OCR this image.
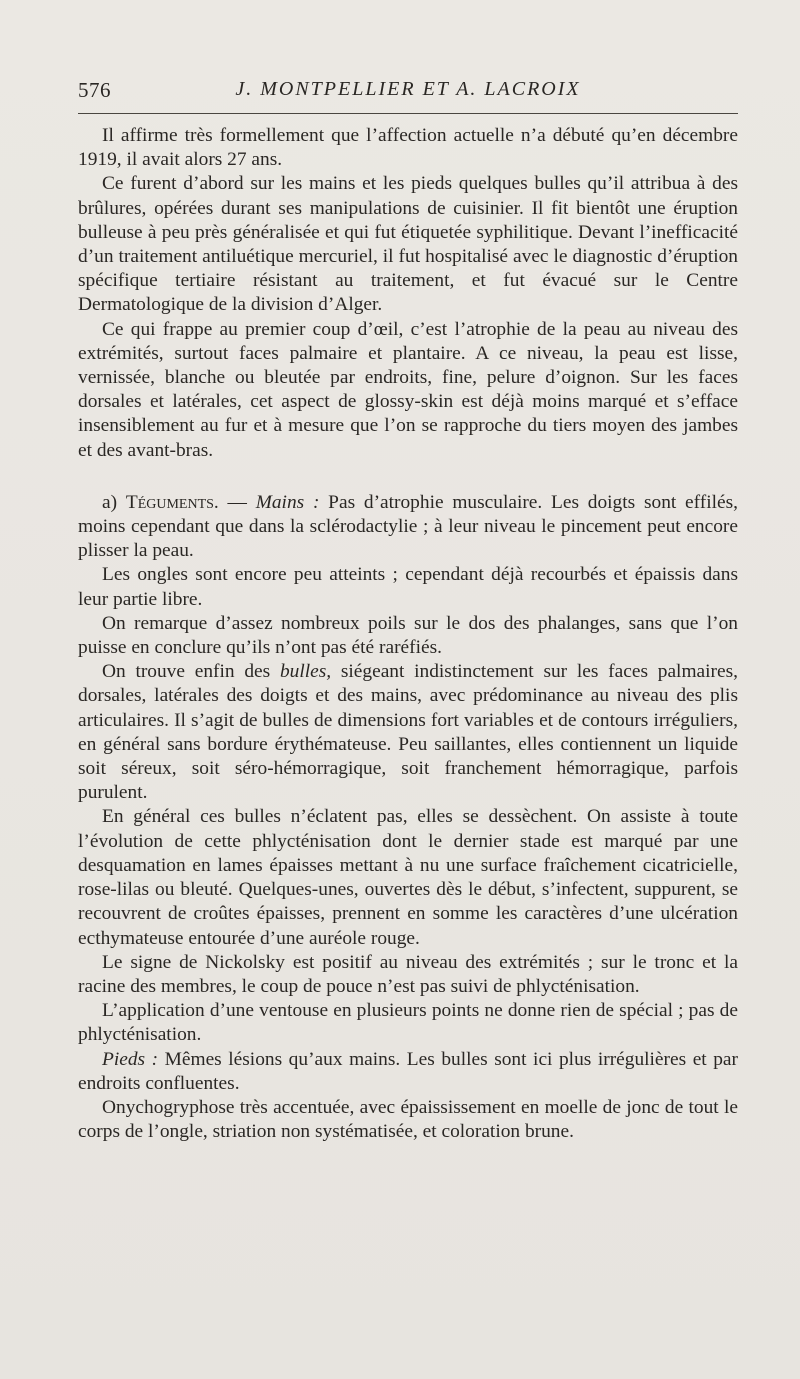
576	J. MONTPELLIER ET A. LACROIX

Il affirme très formellement que l’affection actuelle n’a débuté qu’en décembre 1919, il avait alors 27 ans.

Ce furent d’abord sur les mains et les pieds quelques bulles qu’il attribua à des brûlures, opérées durant ses manipulations de cuisinier. Il fit bientôt une éruption bulleuse à peu près généralisée et qui fut étiquetée syphilitique. Devant l’inefficacité d’un traitement antiluétique mercuriel, il fut hospitalisé avec le diagnostic d’éruption spécifique tertiaire résistant au traitement, et fut évacué sur le Centre Dermatologique de la division d’Alger.

Ce qui frappe au premier coup d’œil, c’est l’atrophie de la peau au niveau des extrémités, surtout faces palmaire et plantaire. A ce niveau, la peau est lisse, vernissée, blanche ou bleutée par endroits, fine, pelure d’oignon. Sur les faces dorsales et latérales, cet aspect de glossy-skin est déjà moins marqué et s’efface insensiblement au fur et à mesure que l’on se rapproche du tiers moyen des jambes et des avant-bras.

a) Téguments. — Mains : Pas d’atrophie musculaire. Les doigts sont effilés, moins cependant que dans la sclérodactylie ; à leur niveau le pincement peut encore plisser la peau.

Les ongles sont encore peu atteints ; cependant déjà recourbés et épaissis dans leur partie libre.

On remarque d’assez nombreux poils sur le dos des phalanges, sans que l’on puisse en conclure qu’ils n’ont pas été raréfiés.

On trouve enfin des bulles, siégeant indistinctement sur les faces palmaires, dorsales, latérales des doigts et des mains, avec prédominance au niveau des plis articulaires. Il s’agit de bulles de dimensions fort variables et de contours irréguliers, en général sans bordure érythémateuse. Peu saillantes, elles contiennent un liquide soit séreux, soit séro-hémorragique, soit franchement hémorragique, parfois purulent.

En général ces bulles n’éclatent pas, elles se dessèchent. On assiste à toute l’évolution de cette phlycténisation dont le dernier stade est marqué par une desquamation en lames épaisses mettant à nu une surface fraîchement cicatricielle, rose-lilas ou bleuté. Quelques-unes, ouvertes dès le début, s’infectent, suppurent, se recouvrent de croûtes épaisses, prennent en somme les caractères d’une ulcération ecthymateuse entourée d’une auréole rouge.

Le signe de Nickolsky est positif au niveau des extrémités ; sur le tronc et la racine des membres, le coup de pouce n’est pas suivi de phlycténisation.

L’application d’une ventouse en plusieurs points ne donne rien de spécial ; pas de phlycténisation.

Pieds : Mêmes lésions qu’aux mains. Les bulles sont ici plus irrégulières et par endroits confluentes.

Onychogryphose très accentuée, avec épaississement en moelle de jonc de tout le corps de l’ongle, striation non systématisée, et coloration brune.
